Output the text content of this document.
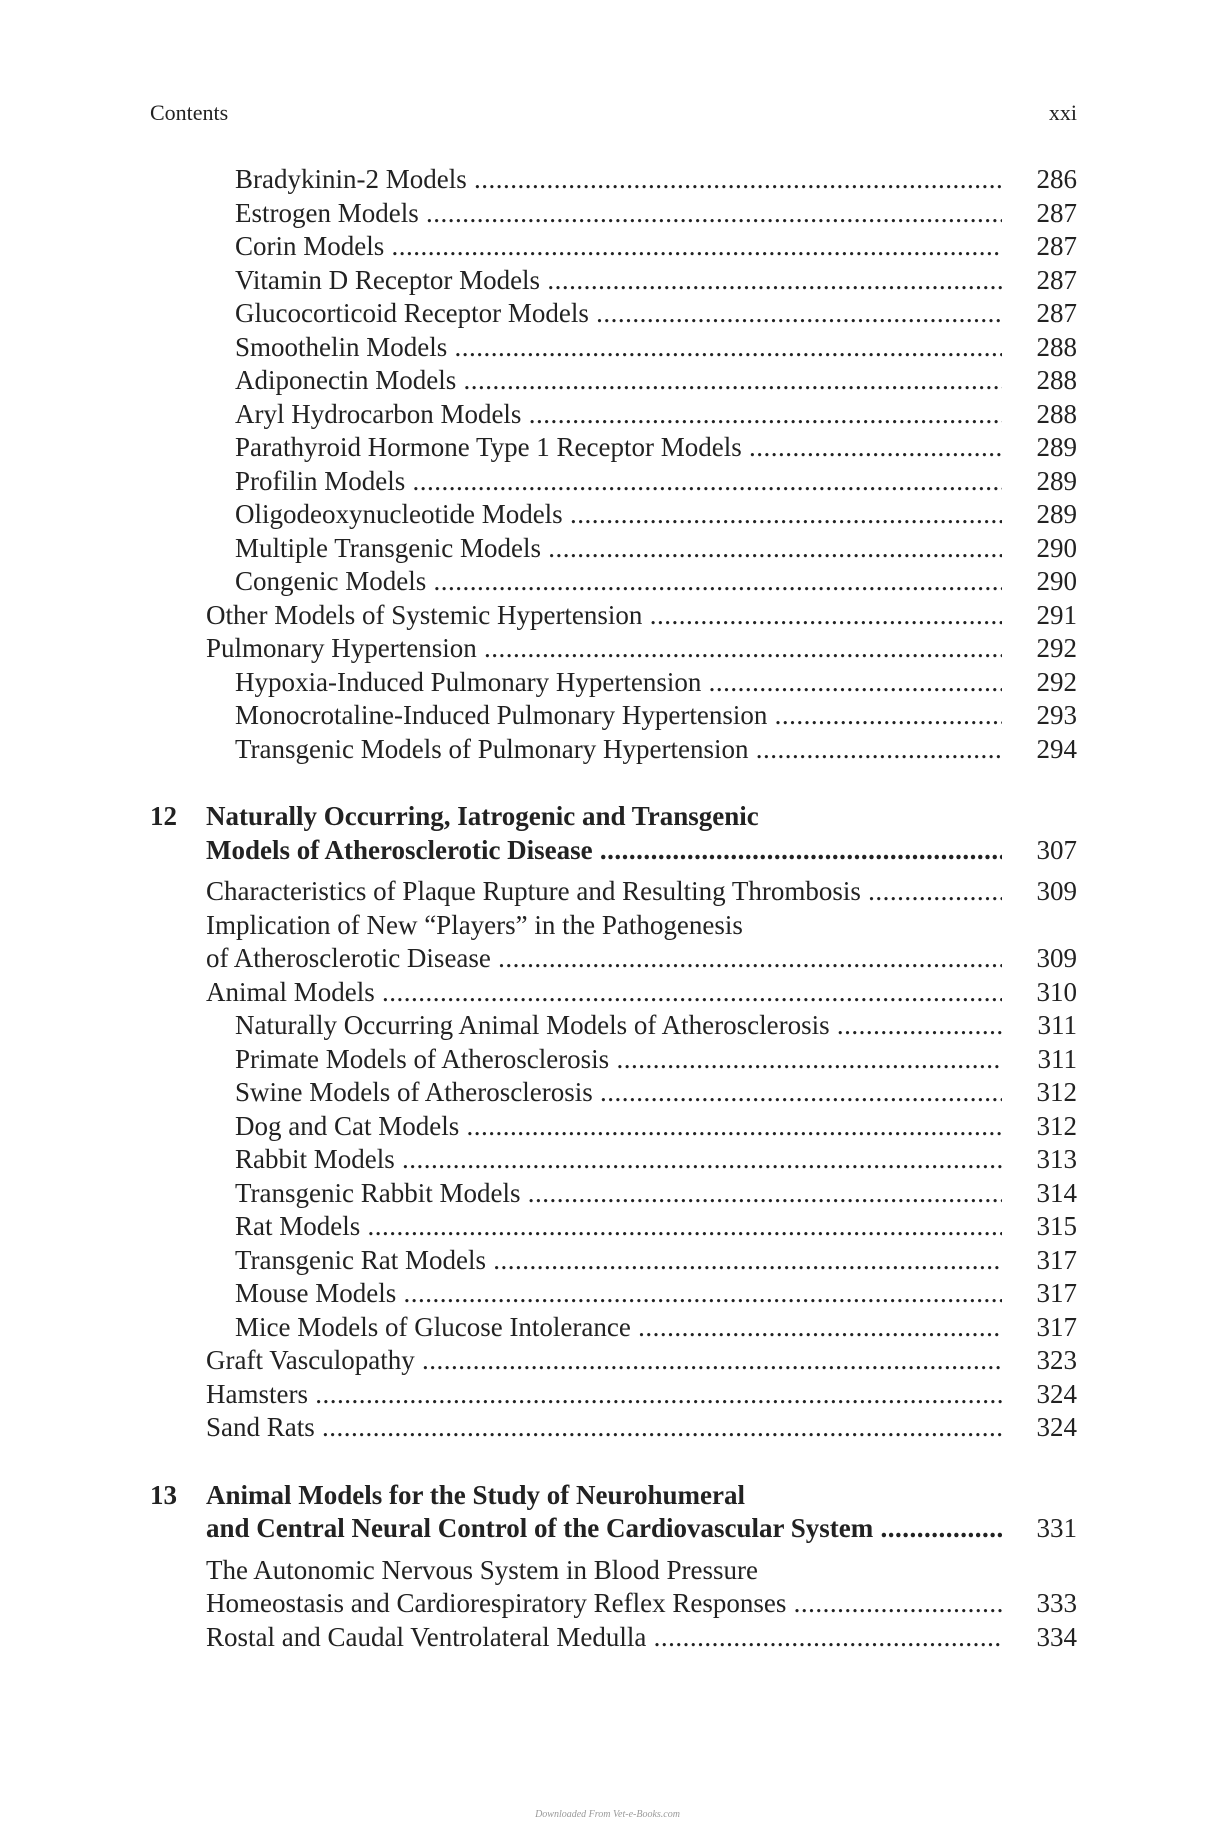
Contents	xxi
Bradykinin-2 Models .....	286
Estrogen Models .....	287
Corin Models .....	287
Vitamin D Receptor Models .....	287
Glucocorticoid Receptor Models .....	287
Smoothelin Models .....	288
Adiponectin Models .....	288
Aryl Hydrocarbon Models .....	288
Parathyroid Hormone Type 1 Receptor Models .....	289
Profilin Models .....	289
Oligodeoxynucleotide Models .....	289
Multiple Transgenic Models .....	290
Congenic Models .....	290
Other Models of Systemic Hypertension .....	291
Pulmonary Hypertension .....	292
Hypoxia-Induced Pulmonary Hypertension .....	292
Monocrotaline-Induced Pulmonary Hypertension .....	293
Transgenic Models of Pulmonary Hypertension .....	294
12 Naturally Occurring, Iatrogenic and Transgenic
Models of Atherosclerotic Disease .....	307
Characteristics of Plaque Rupture and Resulting Thrombosis .....	309
Implication of New “Players” in the Pathogenesis
of Atherosclerotic Disease .....	309
Animal Models .....	310
Naturally Occurring Animal Models of Atherosclerosis .....	311
Primate Models of Atherosclerosis .....	311
Swine Models of Atherosclerosis .....	312
Dog and Cat Models .....	312
Rabbit Models .....	313
Transgenic Rabbit Models .....	314
Rat Models .....	315
Transgenic Rat Models .....	317
Mouse Models .....	317
Mice Models of Glucose Intolerance .....	317
Graft Vasculopathy .....	323
Hamsters .....	324
Sand Rats .....	324
13 Animal Models for the Study of Neurohumeral
and Central Neural Control of the Cardiovascular System .....	331
The Autonomic Nervous System in Blood Pressure
Homeostasis and Cardiorespiratory Reflex Responses .....	333
Rostal and Caudal Ventrolateral Medulla .....	334
Downloaded From Vet-e-Books.com
